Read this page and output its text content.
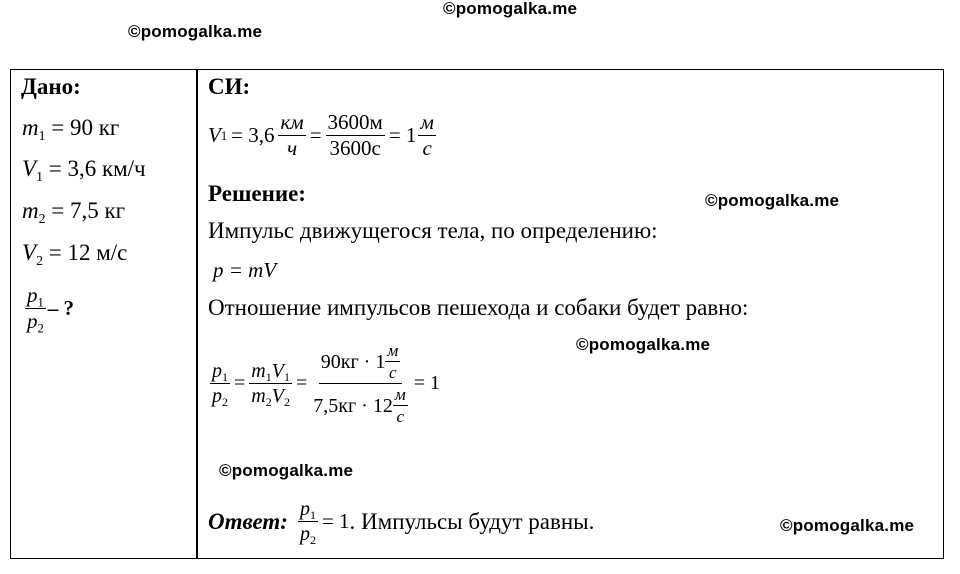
©pomogalka.me
©pomogalka.me
©pomogalka.me
©pomogalka.me
©pomogalka.me
©pomogalka.me
Дано:
$m_1 = 90$ кг
$V_1 = 3,6$ км/ч
$m_2 = 7,5$ кг
$V_2 = 12$ м/с
$\frac{p_1}{p_2}$ – ?
СИ:
V $1 = 3,6 \frac{км}{ч} = \frac{3600м}{3600с} = 1 \frac{м}{с}$
Решение:
Импульс движущегося тела, по определению:
p = mV
Отношение импульсов пешехода и собаки будет равно:
$\frac{p_1}{p_2} = \frac{m_1V_1}{m_2V_2} = \frac{90кг \cdot 1 \frac{м}{с}}{7,5кг \cdot 12 \frac{м}{с}} = 1$
Ответ: $\frac{p_1}{p_2} = 1$ . Импульсы будут равны.
